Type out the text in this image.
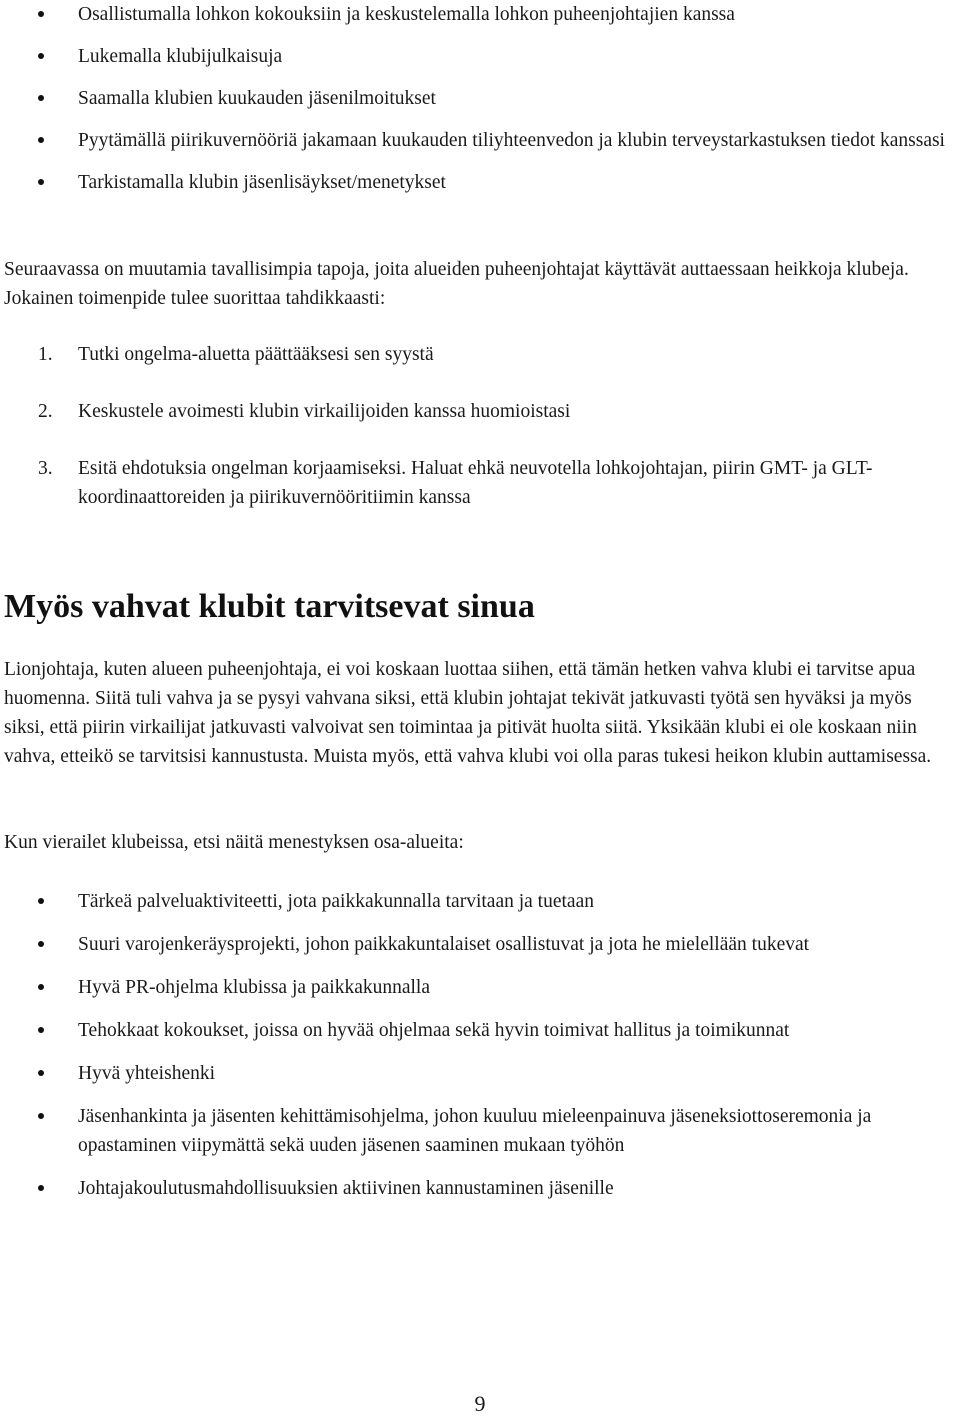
Osallistumalla lohkon kokouksiin ja keskustelemalla lohkon puheenjohtajien kanssa
Lukemalla klubijulkaisuja
Saamalla klubien kuukauden jäsenilmoitukset
Pyytämällä piirikuvernööriä jakamaan kuukauden tiliyhteenvedon ja klubin terveystarkastuksen tiedot kanssasi
Tarkistamalla klubin jäsenlisäykset/menetykset

Seuraavassa on muutamia tavallisimpia tapoja, joita alueiden puheenjohtajat käyttävät auttaessaan heikkoja klubeja. Jokainen toimenpide tulee suorittaa tahdikkaasti:

1. Tutki ongelma-aluetta päättääksesi sen syystä
2. Keskustele avoimesti klubin virkailijoiden kanssa huomioistasi
3. Esitä ehdotuksia ongelman korjaamiseksi. Haluat ehkä neuvotella lohkojohtajan, piirin GMT- ja GLT-koordinaattoreiden ja piirikuvernööritiimin kanssa
Myös vahvat klubit tarvitsevat sinua

Lionjohtaja, kuten alueen puheenjohtaja, ei voi koskaan luottaa siihen, että tämän hetken vahva klubi ei tarvitse apua huomenna. Siitä tuli vahva ja se pysyi vahvana siksi, että klubin johtajat tekivät jatkuvasti työtä sen hyväksi ja myös siksi, että piirin virkailijat jatkuvasti valvoivat sen toimintaa ja pitivät huolta siitä. Yksikään klubi ei ole koskaan niin vahva, etteikö se tarvitsisi kannustusta. Muista myös, että vahva klubi voi olla paras tukesi heikon klubin auttamisessa.

Kun vierailet klubeissa, etsi näitä menestyksen osa-alueita:

Tärkeä palveluaktiviteetti, jota paikkakunnalla tarvitaan ja tuetaan
Suuri varojenkeräysprojekti, johon paikkakuntalaiset osallistuvat ja jota he mielellään tukevat
Hyvä PR-ohjelma klubissa ja paikkakunnalla
Tehokkaat kokoukset, joissa on hyvää ohjelmaa sekä hyvin toimivat hallitus ja toimikunnat
Hyvä yhteishenki
Jäsenhankinta ja jäsenten kehittämisohjelma, johon kuuluu mieleenpainuva jäseneksiottoseremonia ja opastaminen viipymättä sekä uuden jäsenen saaminen mukaan työhön
Johtajakoulutusmahdollisuuksien aktiivinen kannustaminen jäsenille
9
